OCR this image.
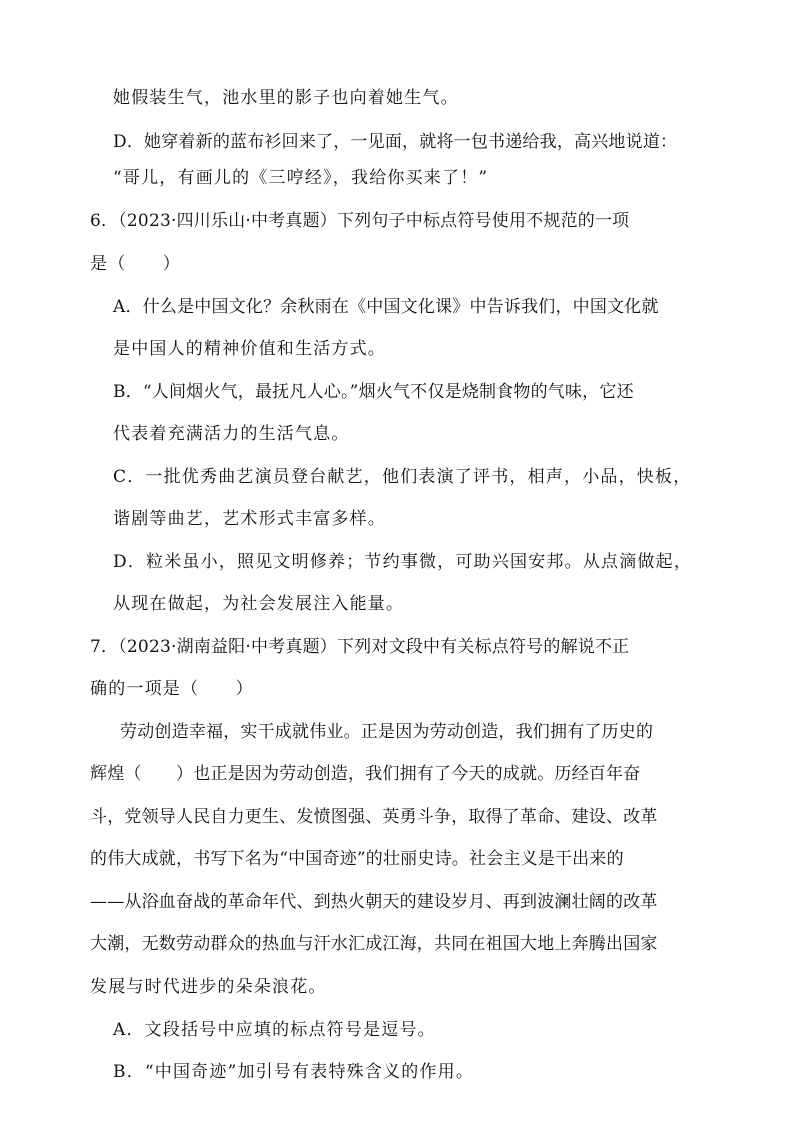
她假装生气，池水里的影子也向着她生气。
D．她穿着新的蓝布衫回来了，一见面，就将一包书递给我，高兴地说道：
“哥儿，有画儿的《三哼经》，我给你买来了！”
6．（2023·四川乐山·中考真题）下列句子中标点符号使用不规范的一项
是（　　）
A．什么是中国文化？余秋雨在《中国文化课》中告诉我们，中国文化就
是中国人的精神价值和生活方式。
B．“人间烟火气，最抚凡人心。”烟火气不仅是烧制食物的气味，它还
代表着充满活力的生活气息。
C．一批优秀曲艺演员登台献艺，他们表演了评书，相声，小品，快板，
谐剧等曲艺，艺术形式丰富多样。
D．粒米虽小，照见文明修养；节约事微，可助兴国安邦。从点滴做起，
从现在做起，为社会发展注入能量。
7．（2023·湖南益阳·中考真题）下列对文段中有关标点符号的解说不正
确的一项是（　　）
劳动创造幸福，实干成就伟业。正是因为劳动创造，我们拥有了历史的
辉煌（　　）也正是因为劳动创造，我们拥有了今天的成就。历经百年奋
斗，党领导人民自力更生、发愤图强、英勇斗争，取得了革命、建设、改革
的伟大成就，书写下名为“中国奇迹”的壮丽史诗。社会主义是干出来的
——从浴血奋战的革命年代、到热火朝天的建设岁月、再到波澜壮阔的改革
大潮，无数劳动群众的热血与汗水汇成江海，共同在祖国大地上奔腾出国家
发展与时代进步的朵朵浪花。
A．文段括号中应填的标点符号是逗号。
B．“中国奇迹”加引号有表特殊含义的作用。
